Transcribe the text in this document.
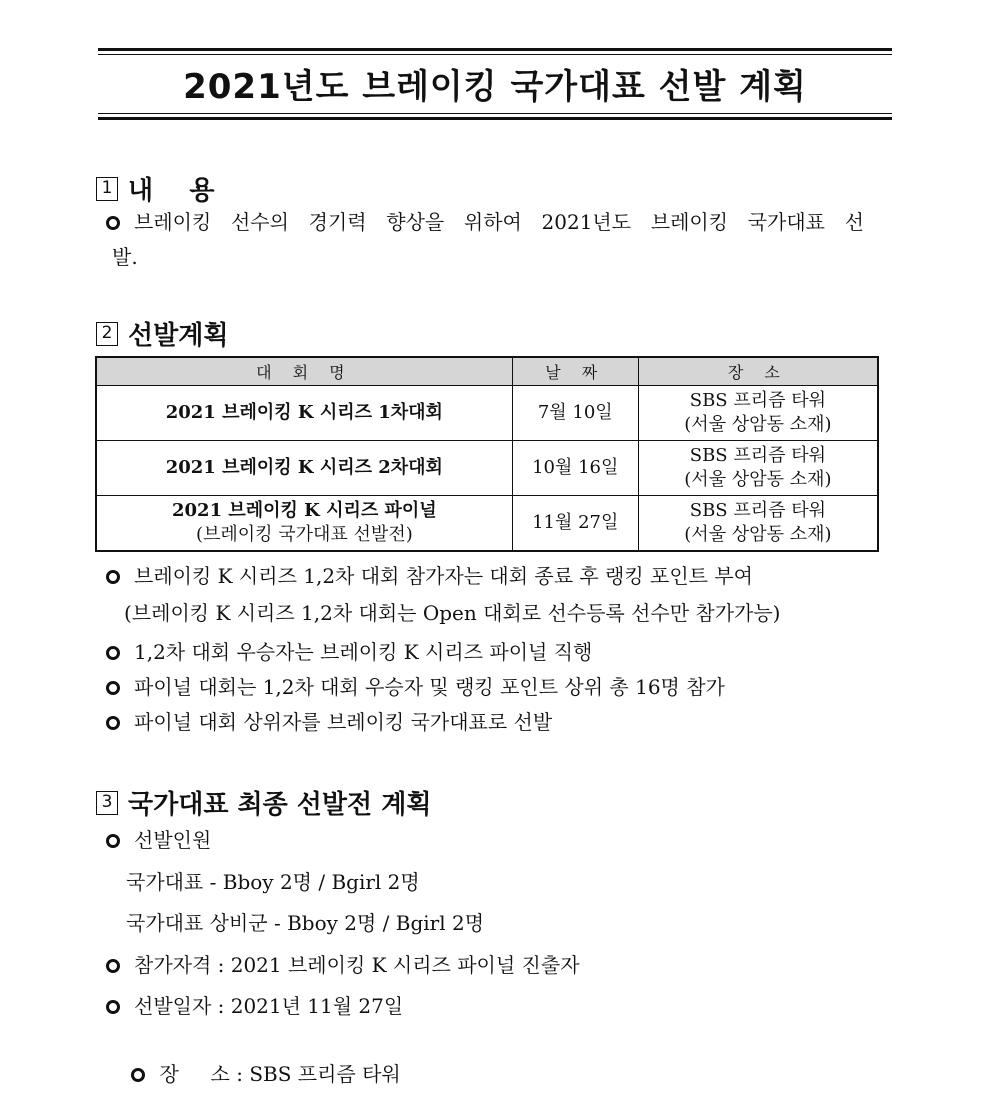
2021년도 브레이킹 국가대표 선발 계획
1 내    용
브레이킹 선수의 경기력 향상을 위하여 2021년도 브레이킹 국가대표 선
발.
2 선발계획
대 회 명	날 짜	장 소
2021 브레이킹 K 시리즈 1차대회	7월 10일	SBS 프리즘 타워
(서울 상암동 소재)
2021 브레이킹 K 시리즈 2차대회	10월 16일	SBS 프리즘 타워
(서울 상암동 소재)
2021 브레이킹 K 시리즈 파이널
(브레이킹 국가대표 선발전)	11월 27일	SBS 프리즘 타워
(서울 상암동 소재)
브레이킹 K 시리즈 1,2차 대회 참가자는 대회 종료 후 랭킹 포인트 부여
(브레이킹 K 시리즈 1,2차 대회는 Open 대회로 선수등록 선수만 참가가능)
1,2차 대회 우승자는 브레이킹 K 시리즈 파이널 직행
파이널 대회는 1,2차 대회 우승자 및 랭킹 포인트 상위 총 16명 참가
파이널 대회 상위자를 브레이킹 국가대표로 선발
3 국가대표 최종 선발전 계획
선발인원
국가대표 - Bboy 2명 / Bgirl 2명
국가대표 상비군 - Bboy 2명 / Bgirl 2명
참가자격 : 2021 브레이킹 K 시리즈 파이널 진출자
선발일자 : 2021년 11월 27일

장     소 : SBS 프리즘 타워
